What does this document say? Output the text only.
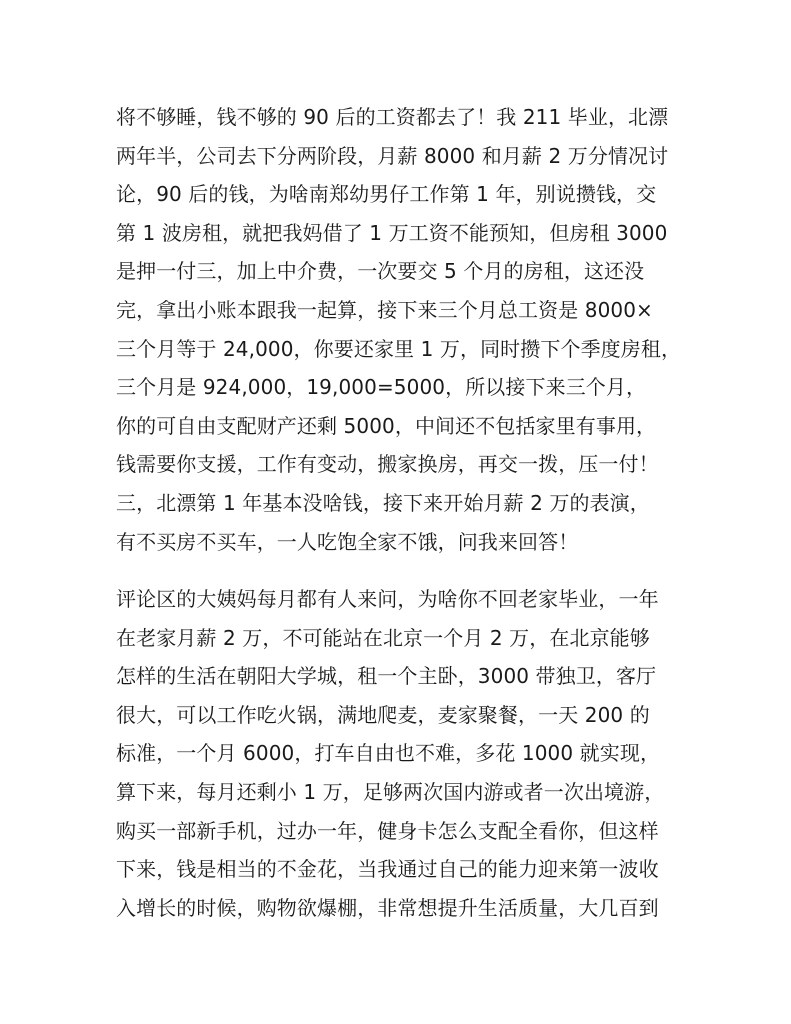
将不够睡，钱不够的 90 后的工资都去了！我 211 毕业，北漂
两年半，公司去下分两阶段，月薪 8000 和月薪 2 万分情况讨
论，90 后的钱，为啥南郑幼男仔工作第 1 年，别说攒钱，交
第 1 波房租，就把我妈借了 1 万工资不能预知，但房租 3000
是押一付三，加上中介费，一次要交 5 个月的房租，这还没
完，拿出小账本跟我一起算，接下来三个月总工资是 8000×
三个月等于 24,000，你要还家里 1 万，同时攒下个季度房租，
三个月是 924,000，19,000=5000，所以接下来三个月，
你的可自由支配财产还剩 5000，中间还不包括家里有事用，
钱需要你支援，工作有变动，搬家换房，再交一拨，压一付！
三，北漂第 1 年基本没啥钱，接下来开始月薪 2 万的表演，
有不买房不买车，一人吃饱全家不饿，问我来回答！
评论区的大姨妈每月都有人来问，为啥你不回老家毕业，一年
在老家月薪 2 万，不可能站在北京一个月 2 万，在北京能够
怎样的生活在朝阳大学城，租一个主卧，3000 带独卫，客厅
很大，可以工作吃火锅，满地爬麦，麦家聚餐，一天 200 的
标准，一个月 6000，打车自由也不难，多花 1000 就实现，
算下来，每月还剩小 1 万，足够两次国内游或者一次出境游，
购买一部新手机，过办一年，健身卡怎么支配全看你，但这样
下来，钱是相当的不金花，当我通过自己的能力迎来第一波收
入增长的时候，购物欲爆棚，非常想提升生活质量，大几百到
